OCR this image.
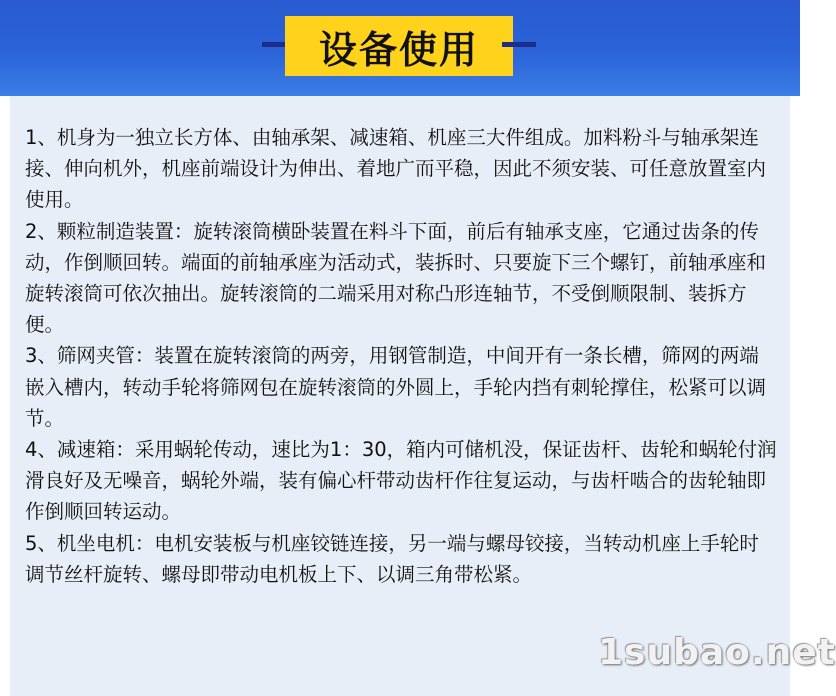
设备使用

1、机身为一独立长方体、由轴承架、减速箱、机座三大件组成。加料粉斗与轴承架连接、伸向机外，机座前端设计为伸出、着地广而平稳，因此不须安装、可任意放置室内使用。

2、颗粒制造装置：旋转滚筒横卧装置在料斗下面，前后有轴承支座，它通过齿条的传动，作倒顺回转。端面的前轴承座为活动式，装拆时、只要旋下三个螺钉，前轴承座和旋转滚筒可依次抽出。旋转滚筒的二端采用对称凸形连轴节，不受倒顺限制、装拆方便。

3、筛网夹管：装置在旋转滚筒的两旁，用钢管制造，中间开有一条长槽，筛网的两端嵌入槽内，转动手轮将筛网包在旋转滚筒的外圆上，手轮内挡有刺轮撑住，松紧可以调节。

4、减速箱：采用蜗轮传动，速比为1：30，箱内可储机没，保证齿杆、齿轮和蜗轮付润滑良好及无噪音，蜗轮外端，装有偏心杆带动齿杆作往复运动，与齿杆啮合的齿轮轴即作倒顺回转运动。

5、机坐电机：电机安装板与机座铰链连接，另一端与螺母铰接，当转动机座上手轮时调节丝杆旋转、螺母即带动电机板上下、以调三角带松紧。

1subao.net
